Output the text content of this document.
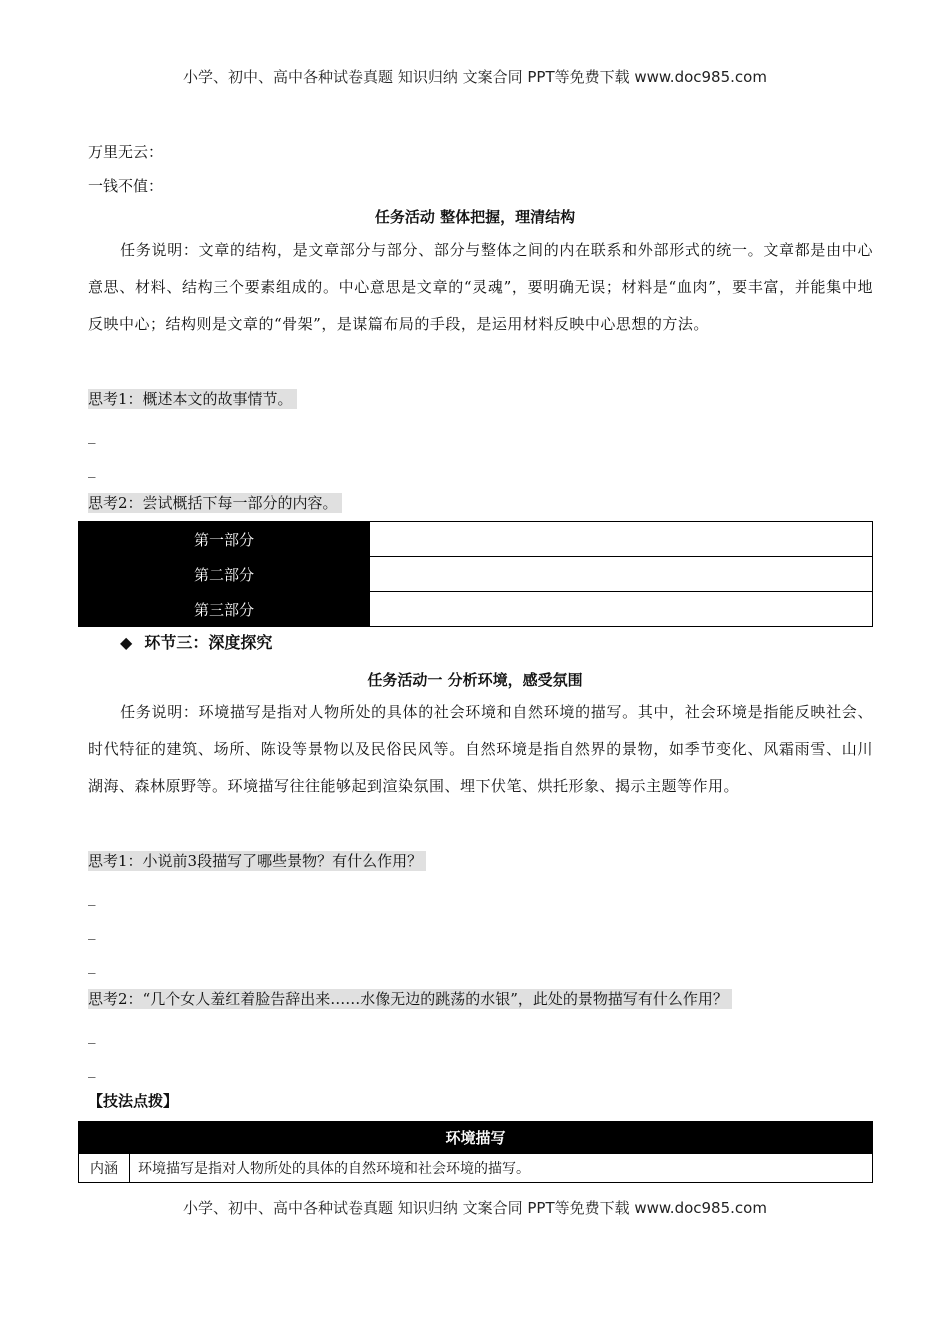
小学、初中、高中各种试卷真题 知识归纳 文案合同 PPT等免费下载 www.doc985.com
万里无云：
一钱不值：
任务活动 整体把握，理清结构
任务说明：文章的结构，是文章部分与部分、部分与整体之间的内在联系和外部形式的统一。文章都是由中心意思、材料、结构三个要素组成的。中心意思是文章的“灵魂”，要明确无误；材料是“血肉”，要丰富，并能集中地反映中心；结构则是文章的“骨架”，是谋篇布局的手段，是运用材料反映中心思想的方法。
思考1：概述本文的故事情节。
_
_
思考2：尝试概括下每一部分的内容。
第一部分	
第二部分	
第三部分	
◆ 环节三：深度探究
任务活动一 分析环境，感受氛围
任务说明：环境描写是指对人物所处的具体的社会环境和自然环境的描写。其中，社会环境是指能反映社会、时代特征的建筑、场所、陈设等景物以及民俗民风等。自然环境是指自然界的景物，如季节变化、风霜雨雪、山川湖海、森林原野等。环境描写往往能够起到渲染氛围、埋下伏笔、烘托形象、揭示主题等作用。
思考1：小说前3段描写了哪些景物？有什么作用？
_
_
_
思考2：“几个女人羞红着脸告辞出来……水像无边的跳荡的水银”，此处的景物描写有什么作用？
_
_
【技法点拨】
环境描写
内涵	环境描写是指对人物所处的具体的自然环境和社会环境的描写。
小学、初中、高中各种试卷真题 知识归纳 文案合同 PPT等免费下载 www.doc985.com
